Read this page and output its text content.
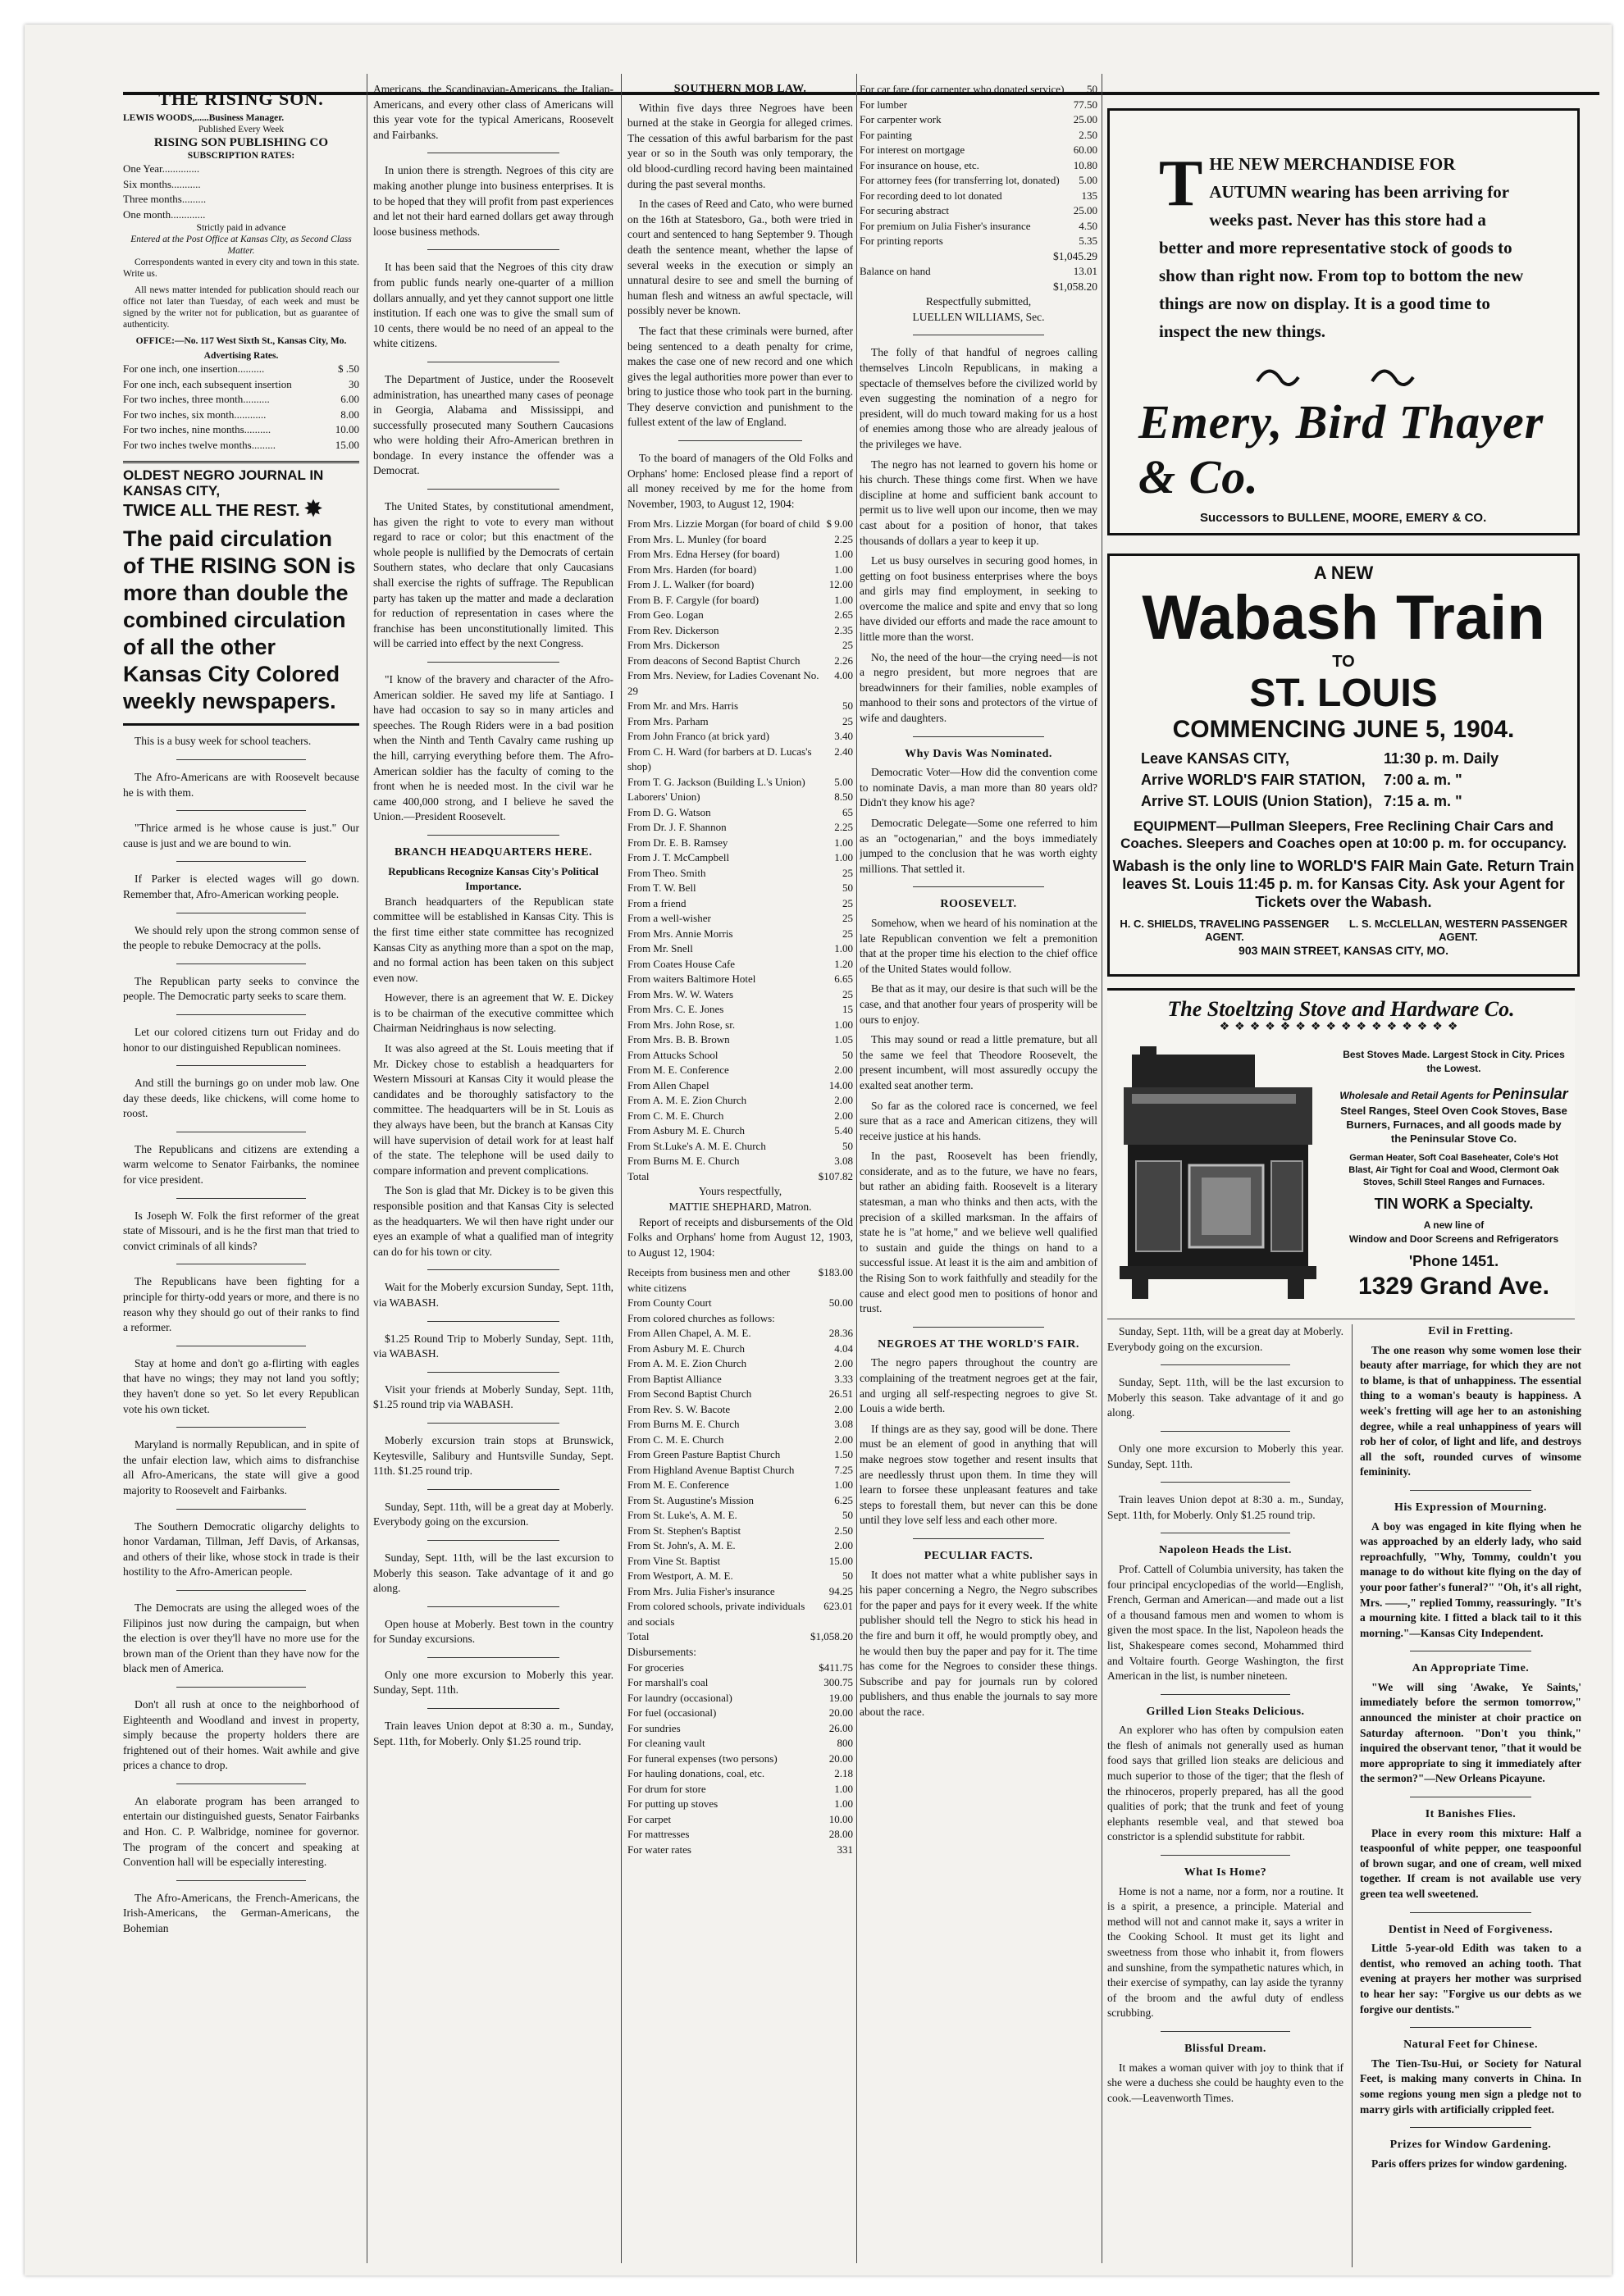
THE RISING SON.
LEWIS WOODS,......Business Manager.
Published Every Week
RISING SON PUBLISHING CO
SUBSCRIPTION RATES:
One Year..............
Six months...........
Three months.........
One month.............
Strictly paid in advance
Entered at the Post Office at Kansas City, as Second Class Matter.

Correspondents wanted in every city and town in this state. Write us.

All news matter intended for publication should reach our office not later than Tuesday, of each week and must be signed by the writer not for publication, but as guarantee of authenticity.

OFFICE:—No. 117 West Sixth St., Kansas City, Mo.
Advertising Rates.
For one inch, one insertion..........	$ .50
For one inch, each subsequent insertion	30
For two inches, three month..........	6.00
For two inches, six month............	8.00
For two inches, nine months..........	10.00
For two inches twelve months.........	15.00
OLDEST NEGRO JOURNAL IN KANSAS CITY,
TWICE ALL THE REST. ✸
The paid circulation of THE RISING SON is more than double the combined circulation of all the other Kansas City Colored weekly newspapers.

This is a busy week for school teachers.

The Afro-Americans are with Roosevelt because he is with them.

"Thrice armed is he whose cause is just." Our cause is just and we are bound to win.

If Parker is elected wages will go down. Remember that, Afro-American working people.

We should rely upon the strong common sense of the people to rebuke Democracy at the polls.

The Republican party seeks to convince the people. The Democratic party seeks to scare them.

Let our colored citizens turn out Friday and do honor to our distinguished Republican nominees.

And still the burnings go on under mob law. One day these deeds, like chickens, will come home to roost.

The Republicans and citizens are extending a warm welcome to Senator Fairbanks, the nominee for vice president.

Is Joseph W. Folk the first reformer of the great state of Missouri, and is he the first man that tried to convict criminals of all kinds?

The Republicans have been fighting for a principle for thirty-odd years or more, and there is no reason why they should go out of their ranks to find a reformer.

Stay at home and don't go a-flirting with eagles that have no wings; they may not land you softly; they haven't done so yet. So let every Republican vote his own ticket.

Maryland is normally Republican, and in spite of the unfair election law, which aims to disfranchise all Afro-Americans, the state will give a good majority to Roosevelt and Fairbanks.

The Southern Democratic oligarchy delights to honor Vardaman, Tillman, Jeff Davis, of Arkansas, and others of their like, whose stock in trade is their hostility to the Afro-American people.

The Democrats are using the alleged woes of the Filipinos just now during the campaign, but when the election is over they'll have no more use for the brown man of the Orient than they have now for the black men of America.

Don't all rush at once to the neighborhood of Eighteenth and Woodland and invest in property, simply because the property holders there are frightened out of their homes. Wait awhile and give prices a chance to drop.

An elaborate program has been arranged to entertain our distinguished guests, Senator Fairbanks and Hon. C. P. Walbridge, nominee for governor. The program of the concert and speaking at Convention hall will be especially interesting.

The Afro-Americans, the French-Americans, the Irish-Americans, the German-Americans, the Bohemian

Americans, the Scandinavian-Americans, the Italian-Americans, and every other class of Americans will this year vote for the typical Americans, Roosevelt and Fairbanks.

In union there is strength. Negroes of this city are making another plunge into business enterprises. It is to be hoped that they will profit from past experiences and let not their hard earned dollars get away through loose business methods.

It has been said that the Negroes of this city draw from public funds nearly one-quarter of a million dollars annually, and yet they cannot support one little institution. If each one was to give the small sum of 10 cents, there would be no need of an appeal to the white citizens.

The Department of Justice, under the Roosevelt administration, has unearthed many cases of peonage in Georgia, Alabama and Mississippi, and successfully prosecuted many Southern Caucasions who were holding their Afro-American brethren in bondage. In every instance the offender was a Democrat.

The United States, by constitutional amendment, has given the right to vote to every man without regard to race or color; but this enactment of the whole people is nullified by the Democrats of certain Southern states, who declare that only Caucasians shall exercise the rights of suffrage. The Republican party has taken up the matter and made a declaration for reduction of representation in cases where the franchise has been unconstitutionally limited. This will be carried into effect by the next Congress.

"I know of the bravery and character of the Afro-American soldier. He saved my life at Santiago. I have had occasion to say so in many articles and speeches. The Rough Riders were in a bad position when the Ninth and Tenth Cavalry came rushing up the hill, carrying everything before them. The Afro-American soldier has the faculty of coming to the front when he is needed most. In the civil war he came 400,000 strong, and I believe he saved the Union.—President Roosevelt.

BRANCH HEADQUARTERS HERE.
Republicans Recognize Kansas City's Political Importance.

Branch headquarters of the Republican state committee will be established in Kansas City. This is the first time either state committee has recognized Kansas City as anything more than a spot on the map, and no formal action has been taken on this subject even now.

However, there is an agreement that W. E. Dickey is to be chairman of the executive committee which Chairman Neidringhaus is now selecting.

It was also agreed at the St. Louis meeting that if Mr. Dickey chose to establish a headquarters for Western Missouri at Kansas City it would please the candidates and be thoroughly satisfactory to the committee. The headquarters will be in St. Louis as they always have been, but the branch at Kansas City will have supervision of detail work for at least half of the state. The telephone will be used daily to compare information and prevent complications.

The Son is glad that Mr. Dickey is to be given this responsible position and that Kansas City is selected as the headquarters. We wil then have right under our eyes an example of what a qualified man of integrity can do for his town or city.

Wait for the Moberly excursion Sunday, Sept. 11th, via WABASH.

$1.25 Round Trip to Moberly Sunday, Sept. 11th, via WABASH.

Visit your friends at Moberly Sunday, Sept. 11th, $1.25 round trip via WABASH.

Moberly excursion train stops at Brunswick, Keytesville, Salibury and Huntsville Sunday, Sept. 11th. $1.25 round trip.

Sunday, Sept. 11th, will be a great day at Moberly. Everybody going on the excursion.

Sunday, Sept. 11th, will be the last excursion to Moberly this season. Take advantage of it and go along.

Open house at Moberly. Best town in the country for Sunday excursions.

Only one more excursion to Moberly this year. Sunday, Sept. 11th.

Train leaves Union depot at 8:30 a. m., Sunday, Sept. 11th, for Moberly. Only $1.25 round trip.

SOUTHERN MOB LAW.

Within five days three Negroes have been burned at the stake in Georgia for alleged crimes. The cessation of this awful barbarism for the past year or so in the South was only temporary, the old blood-curdling record having been maintained during the past several months.

In the cases of Reed and Cato, who were burned on the 16th at Statesboro, Ga., both were tried in court and sentenced to hang September 9. Though death the sentence meant, whether the lapse of several weeks in the execution or simply an unnatural desire to see and smell the burning of human flesh and witness an awful spectacle, will possibly never be known.

The fact that these criminals were burned, after being sentenced to a death penalty for crime, makes the case one of new record and one which gives the legal authorities more power than ever to bring to justice those who took part in the burning. They deserve conviction and punishment to the fullest extent of the law of England.

To the board of managers of the Old Folks and Orphans' home: Enclosed please find a report of all money received by me for the home from November, 1903, to August 12, 1904:

From Mrs. Lizzie Morgan (for board of child	$ 9.00
From Mrs. L. Munley (for board	2.25
From Mrs. Edna Hersey (for board)	1.00
From Mrs. Harden (for board)	1.00
From J. L. Walker (for board)	12.00
From B. F. Cargyle (for board)	1.00
From Geo. Logan	2.65
From Rev. Dickerson	2.35
From Mrs. Dickerson	25
From deacons of Second Baptist Church	2.26
From Mrs. Neview, for Ladies Covenant No. 29	4.00
From Mr. and Mrs. Harris	50
From Mrs. Parham	25
From John Franco (at brick yard)	3.40
From C. H. Ward (for barbers at D. Lucas's shop)	2.40
From T. G. Jackson (Building L.'s Union)	5.00
Laborers' Union)	8.50
From D. G. Watson	65
From Dr. J. F. Shannon	2.25
From Dr. E. B. Ramsey	1.00
From J. T. McCampbell	1.00
From Theo. Smith	25
From T. W. Bell	50
From a friend	25
From a well-wisher	25
From Mrs. Annie Morris	25
From Mr. Snell	1.00
From Coates House Cafe	1.20
From waiters Baltimore Hotel	6.65
From Mrs. W. W. Waters	25
From Mrs. C. E. Jones	15
From Mrs. John Rose, sr.	1.00
From Mrs. B. B. Brown	1.05
From Attucks School	50
From M. E. Conference	2.00
From Allen Chapel	14.00
From A. M. E. Zion Church	2.00
From C. M. E. Church	2.00
From Asbury M. E. Church	5.40
From St.Luke's A. M. E. Church	50
From Burns M. E. Church	3.08
Total	$107.82
Yours respectfully,
MATTIE SHEPHARD, Matron.

Report of receipts and disbursements of the Old Folks and Orphans' home from August 12, 1903, to August 12, 1904:

Receipts from business men and other white citizens	$183.00
From County Court	50.00
From colored churches as follows:	
From Allen Chapel, A. M. E.	28.36
From Asbury M. E. Church	4.04
From A. M. E. Zion Church	2.00
From Baptist Alliance	3.33
From Second Baptist Church	26.51
From Rev. S. W. Bacote	2.00
From Burns M. E. Church	3.08
From C. M. E. Church	2.00
From Green Pasture Baptist Church	1.50
From Highland Avenue Baptist Church	7.25
From M. E. Conference	1.00
From St. Augustine's Mission	6.25
From St. Luke's, A. M. E.	50
From St. Stephen's Baptist	2.50
From St. John's, A. M. E.	2.00
From Vine St. Baptist	15.00
From Westport, A. M. E.	50
From Mrs. Julia Fisher's insurance	94.25
From colored schools, private individuals and socials	623.01
Total	$1,058.20
Disbursements:
For groceries	$411.75
For marshall's coal	300.75
For laundry (occasional)	19.00
For fuel (occasional)	20.00
For sundries	26.00
For cleaning vault	800
For funeral expenses (two persons)	20.00
For hauling donations, coal, etc.	2.18
For drum for store	1.00
For putting up stoves	1.00
For carpet	10.00
For mattresses	28.00
For water rates	331
For car fare (for carpenter who donated service)	50
For lumber	77.50
For carpenter work	25.00
For painting	2.50
For interest on mortgage	60.00
For insurance on house, etc.	10.80
For attorney fees (for transferring lot, donated)	5.00
For recording deed to lot donated	135
For securing abstract	25.00
For premium on Julia Fisher's insurance	4.50
For printing reports	5.35
$1,045.29
Balance on hand	13.01
$1,058.20
Respectfully submitted,
LUELLEN WILLIAMS, Sec.

The folly of that handful of negroes calling themselves Lincoln Republicans, in making a spectacle of themselves before the civilized world by even suggesting the nomination of a negro for president, will do much toward making for us a host of enemies among those who are already jealous of the privileges we have.

The negro has not learned to govern his home or his church. These things come first. When we have discipline at home and sufficient bank account to permit us to live well upon our income, then we may cast about for a position of honor, that takes thousands of dollars a year to keep it up.

Let us busy ourselves in securing good homes, in getting on foot business enterprises where the boys and girls may find employment, in seeking to overcome the malice and spite and envy that so long have divided our efforts and made the race amount to little more than the worst.

No, the need of the hour—the crying need—is not a negro president, but more negroes that are breadwinners for their families, noble examples of manhood to their sons and protectors of the virtue of wife and daughters.

Why Davis Was Nominated.

Democratic Voter—How did the convention come to nominate Davis, a man more than 80 years old? Didn't they know his age?

Democratic Delegate—Some one referred to him as an "octogenarian," and the boys immediately jumped to the conclusion that he was worth eighty millions. That settled it.

ROOSEVELT.

Somehow, when we heard of his nomination at the late Republican convention we felt a premonition that at the proper time his election to the chief office of the United States would follow.

Be that as it may, our desire is that such will be the case, and that another four years of prosperity will be ours to enjoy.

This may sound or read a little premature, but all the same we feel that Theodore Roosevelt, the present incumbent, will most assuredly occupy the exalted seat another term.

So far as the colored race is concerned, we feel sure that as a race and American citizens, they will receive justice at his hands.

In the past, Roosevelt has been friendly, considerate, and as to the future, we have no fears, but rather an abiding faith. Roosevelt is a literary statesman, a man who thinks and then acts, with the precision of a skilled marksman. In the affairs of state he is "at home," and we believe well qualified to sustain and guide the things on hand to a successful issue. At least it is the aim and ambition of the Rising Son to work faithfully and steadily for the cause and elect good men to positions of honor and trust.

NEGROES AT THE WORLD'S FAIR.

The negro papers throughout the country are complaining of the treatment negroes get at the fair, and urging all self-respecting negroes to give St. Louis a wide berth.

If things are as they say, good will be done. There must be an element of good in anything that will make negroes stow together and resent insults that are needlessly thrust upon them. In time they will learn to forsee these unpleasant features and take steps to forestall them, but never can this be done until they love self less and each other more.

PECULIAR FACTS.

It does not matter what a white publisher says in his paper concerning a Negro, the Negro subscribes for the paper and pays for it every week. If the white publisher should tell the Negro to stick his head in the fire and burn it off, he would promptly obey, and he would then buy the paper and pay for it. The time has come for the Negroes to consider these things. Subscribe and pay for journals run by colored publishers, and thus enable the journals to say more about the race.

THE NEW MERCHANDISE FOR AUTUMN wearing has been arriving for weeks past. Never has this store had a better and more representative stock of goods to show than right now. From top to bottom the new things are now on display. It is a good time to inspect the new things.
Emery, Bird Thayer & Co.
Successors to BULLENE, MOORE, EMERY & CO.
A NEW
Wabash Train
TO
ST. LOUIS
COMMENCING JUNE 5, 1904.
Leave KANSAS CITY,	11:30 p. m. Daily
Arrive WORLD'S FAIR STATION,	7:00 a. m. "
Arrive ST. LOUIS (Union Station),	7:15 a. m. "
EQUIPMENT—Pullman Sleepers, Free Reclining Chair Cars and Coaches. Sleepers and Coaches open at 10:00 p. m. for occupancy.
Wabash is the only line to WORLD'S FAIR Main Gate. Return Train leaves St. Louis 11:45 p. m. for Kansas City. Ask your Agent for Tickets over the Wabash.
H. C. SHIELDS, TRAVELING PASSENGER AGENT.
L. S. McCLELLAN, WESTERN PASSENGER AGENT.
903 MAIN STREET, KANSAS CITY, MO.
The Stoeltzing Stove and Hardware Co.
❖❖❖❖❖❖❖❖❖❖❖❖❖❖❖❖
Best Stoves Made. Largest Stock in City. Prices the Lowest.
Wholesale and Retail Agents for Peninsular
Steel Ranges, Steel Oven Cook Stoves, Base Burners, Furnaces, and all goods made by the Peninsular Stove Co.
German Heater, Soft Coal Baseheater, Cole's Hot Blast, Air Tight for Coal and Wood, Clermont Oak Stoves, Schill Steel Ranges and Furnaces.
TIN WORK a Specialty.
A new line of
Window and Door Screens and Refrigerators
'Phone 1451.
1329 Grand Ave.

Sunday, Sept. 11th, will be a great day at Moberly. Everybody going on the excursion.

Sunday, Sept. 11th, will be the last excursion to Moberly this season. Take advantage of it and go along.

Only one more excursion to Moberly this year. Sunday, Sept. 11th.

Train leaves Union depot at 8:30 a. m., Sunday, Sept. 11th, for Moberly. Only $1.25 round trip.

Napoleon Heads the List.

Prof. Cattell of Columbia university, has taken the four principal encyclopedias of the world—English, French, German and American—and made out a list of a thousand famous men and women to whom is given the most space. In the list, Napoleon heads the list, Shakespeare comes second, Mohammed third and Voltaire fourth. George Washington, the first American in the list, is number nineteen.

Grilled Lion Steaks Delicious.

An explorer who has often by compulsion eaten the flesh of animals not generally used as human food says that grilled lion steaks are delicious and much superior to those of the tiger; that the flesh of the rhinoceros, properly prepared, has all the good qualities of pork; that the trunk and feet of young elephants resemble veal, and that stewed boa constrictor is a splendid substitute for rabbit.

What Is Home?

Home is not a name, nor a form, nor a routine. It is a spirit, a presence, a principle. Material and method will not and cannot make it, says a writer in the Cooking School. It must get its light and sweetness from those who inhabit it, from flowers and sunshine, from the sympathetic natures which, in their exercise of sympathy, can lay aside the tyranny of the broom and the awful duty of endless scrubbing.

Blissful Dream.

It makes a woman quiver with joy to think that if she were a duchess she could be haughty even to the cook.—Leavenworth Times.

Evil in Fretting.

The one reason why some women lose their beauty after marriage, for which they are not to blame, is that of unhappiness. The essential thing to a woman's beauty is happiness. A week's fretting will age her to an astonishing degree, while a real unhappiness of years will rob her of color, of light and life, and destroys all the soft, rounded curves of winsome femininity.

His Expression of Mourning.

A boy was engaged in kite flying when he was approached by an elderly lady, who said reproachfully, "Why, Tommy, couldn't you manage to do without kite flying on the day of your poor father's funeral?" "Oh, it's all right, Mrs. ——," replied Tommy, reassuringly. "It's a mourning kite. I fitted a black tail to it this morning."—Kansas City Independent.

An Appropriate Time.

"We will sing 'Awake, Ye Saints,' immediately before the sermon tomorrow," announced the minister at choir practice on Saturday afternoon. "Don't you think," inquired the observant tenor, "that it would be more appropriate to sing it immediately after the sermon?"—New Orleans Picayune.

It Banishes Flies.

Place in every room this mixture: Half a teaspoonful of white pepper, one teaspoonful of brown sugar, and one of cream, well mixed together. If cream is not available use very green tea well sweetened.

Dentist in Need of Forgiveness.

Little 5-year-old Edith was taken to a dentist, who removed an aching tooth. That evening at prayers her mother was surprised to hear her say: "Forgive us our debts as we forgive our dentists."

Natural Feet for Chinese.

The Tien-Tsu-Hui, or Society for Natural Feet, is making many converts in China. In some regions young men sign a pledge not to marry girls with artificially crippled feet.

Prizes for Window Gardening.

Paris offers prizes for window gardening.
